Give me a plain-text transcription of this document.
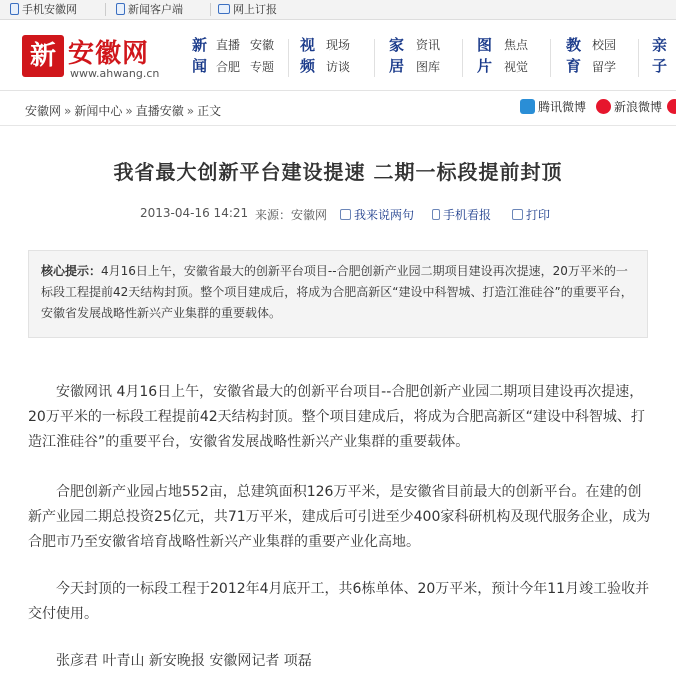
手机安徽网	新闻客户端	网上订报
新 安徽网
www.ahwang.cn
新闻
直播 安徽
合肥 专题
视频
现场
访谈
家居
资讯
图库
图片
焦点
视觉
教育
校园
留学
亲子
安徽网 » 新闻中心 » 直播安徽 » 正文	腾讯微博	新浪微博
我省最大创新平台建设提速 二期一标段提前封顶
2013-04-16 14:21 来源：安徽网	我来说两句	手机看报	打印
核心提示：4月16日上午，安徽省最大的创新平台项目--合肥创新产业园二期项目建设再次提速，20万平米的一标段工程提前42天结构封顶。整个项目建成后，将成为合肥高新区“建设中科智城、打造江淮硅谷”的重要平台，安徽省发展战略性新兴产业集群的重要载体。

安徽网讯 4月16日上午，安徽省最大的创新平台项目--合肥创新产业园二期项目建设再次提速，20万平米的一标段工程提前42天结构封顶。整个项目建成后，将成为合肥高新区“建设中科智城、打造江淮硅谷”的重要平台，安徽省发展战略性新兴产业集群的重要载体。

合肥创新产业园占地552亩，总建筑面积126万平米，是安徽省目前最大的创新平台。在建的创新产业园二期总投资25亿元，共71万平米，建成后可引进至少400家科研机构及现代服务企业，成为合肥市乃至安徽省培育战略性新兴产业集群的重要产业化高地。

今天封顶的一标段工程于2012年4月底开工，共6栋单体、20万平米，预计今年11月竣工验收并交付使用。

张彦君 叶青山 新安晚报 安徽网记者 项磊
